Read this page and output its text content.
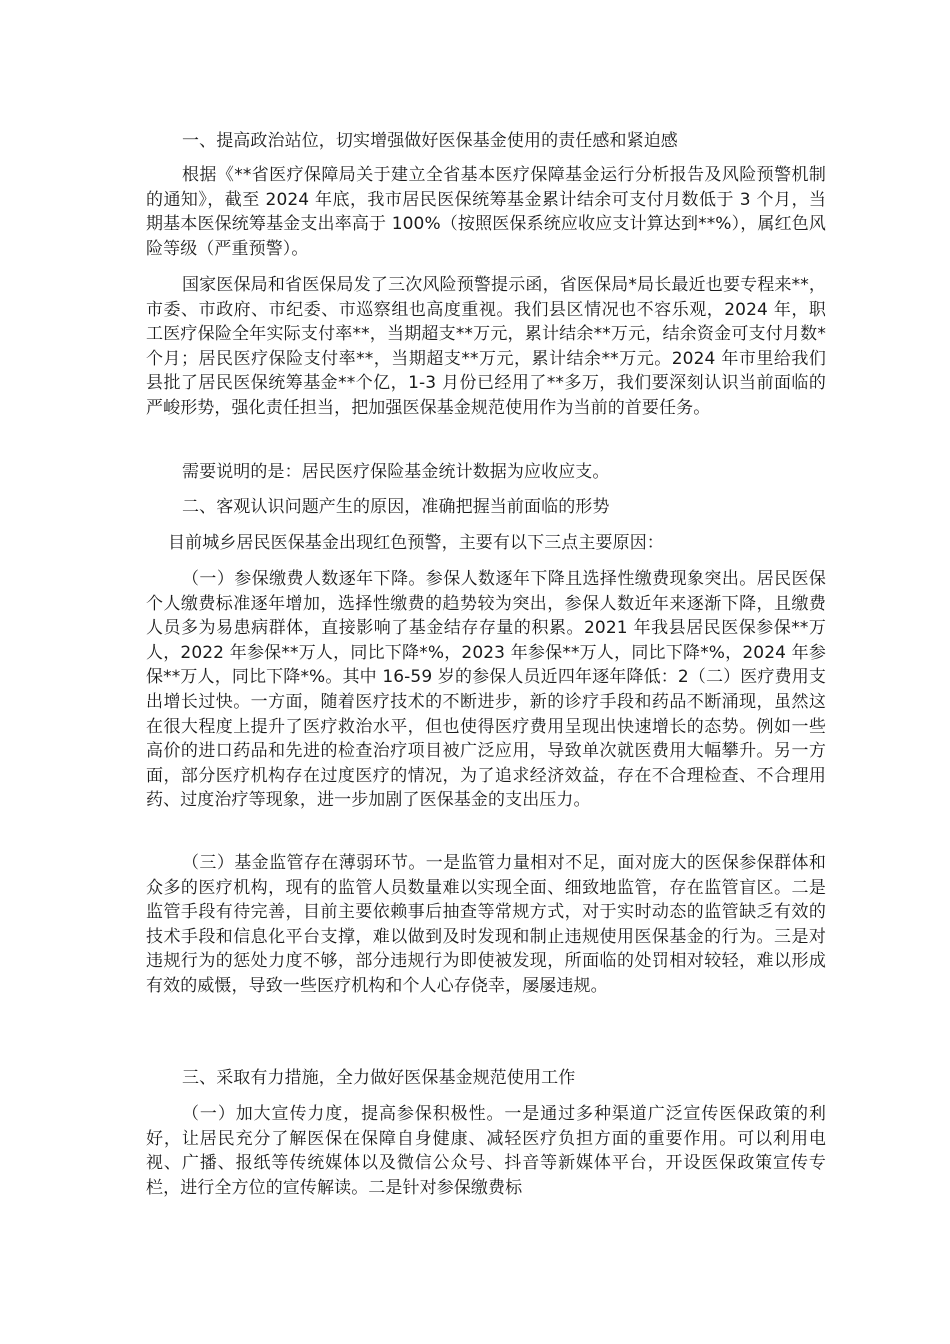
一、提高政治站位，切实增强做好医保基金使用的责任感和紧迫感

根据《**省医疗保障局关于建立全省基本医疗保障基金运行分析报告及风险预警机制的通知》，截至 2024 年底，我市居民医保统筹基金累计结余可支付月数低于 3 个月，当期基本医保统筹基金支出率高于 100%（按照医保系统应收应支计算达到**%），属红色风险等级（严重预警）。

国家医保局和省医保局发了三次风险预警提示函，省医保局*局长最近也要专程来**，市委、市政府、市纪委、市巡察组也高度重视。我们县区情况也不容乐观，2024 年，职工医疗保险全年实际支付率**，当期超支**万元，累计结余**万元，结余资金可支付月数*个月；居民医疗保险支付率**，当期超支**万元，累计结余**万元。2024 年市里给我们县批了居民医保统筹基金**个亿，1-3 月份已经用了**多万，我们要深刻认识当前面临的严峻形势，强化责任担当，把加强医保基金规范使用作为当前的首要任务。

需要说明的是：居民医疗保险基金统计数据为应收应支。

二、客观认识问题产生的原因，准确把握当前面临的形势

目前城乡居民医保基金出现红色预警，主要有以下三点主要原因：

（一）参保缴费人数逐年下降。参保人数逐年下降且选择性缴费现象突出。居民医保个人缴费标准逐年增加，选择性缴费的趋势较为突出，参保人数近年来逐渐下降，且缴费人员多为易患病群体，直接影响了基金结存存量的积累。2021 年我县居民医保参保**万人，2022 年参保**万人，同比下降*%，2023 年参保**万人，同比下降*%，2024 年参保**万人，同比下降*%。其中 16-59 岁的参保人员近四年逐年降低：2（二）医疗费用支出增长过快。一方面，随着医疗技术的不断进步，新的诊疗手段和药品不断涌现，虽然这在很大程度上提升了医疗救治水平，但也使得医疗费用呈现出快速增长的态势。例如一些高价的进口药品和先进的检查治疗项目被广泛应用，导致单次就医费用大幅攀升。另一方面，部分医疗机构存在过度医疗的情况，为了追求经济效益，存在不合理检查、不合理用药、过度治疗等现象，进一步加剧了医保基金的支出压力。

（三）基金监管存在薄弱环节。一是监管力量相对不足，面对庞大的医保参保群体和众多的医疗机构，现有的监管人员数量难以实现全面、细致地监管，存在监管盲区。二是监管手段有待完善，目前主要依赖事后抽查等常规方式，对于实时动态的监管缺乏有效的技术手段和信息化平台支撑，难以做到及时发现和制止违规使用医保基金的行为。三是对违规行为的惩处力度不够，部分违规行为即使被发现，所面临的处罚相对较轻，难以形成有效的威慑，导致一些医疗机构和个人心存侥幸，屡屡违规。

三、采取有力措施，全力做好医保基金规范使用工作

（一）加大宣传力度，提高参保积极性。一是通过多种渠道广泛宣传医保政策的利好，让居民充分了解医保在保障自身健康、减轻医疗负担方面的重要作用。可以利用电视、广播、报纸等传统媒体以及微信公众号、抖音等新媒体平台，开设医保政策宣传专栏，进行全方位的宣传解读。二是针对参保缴费标
